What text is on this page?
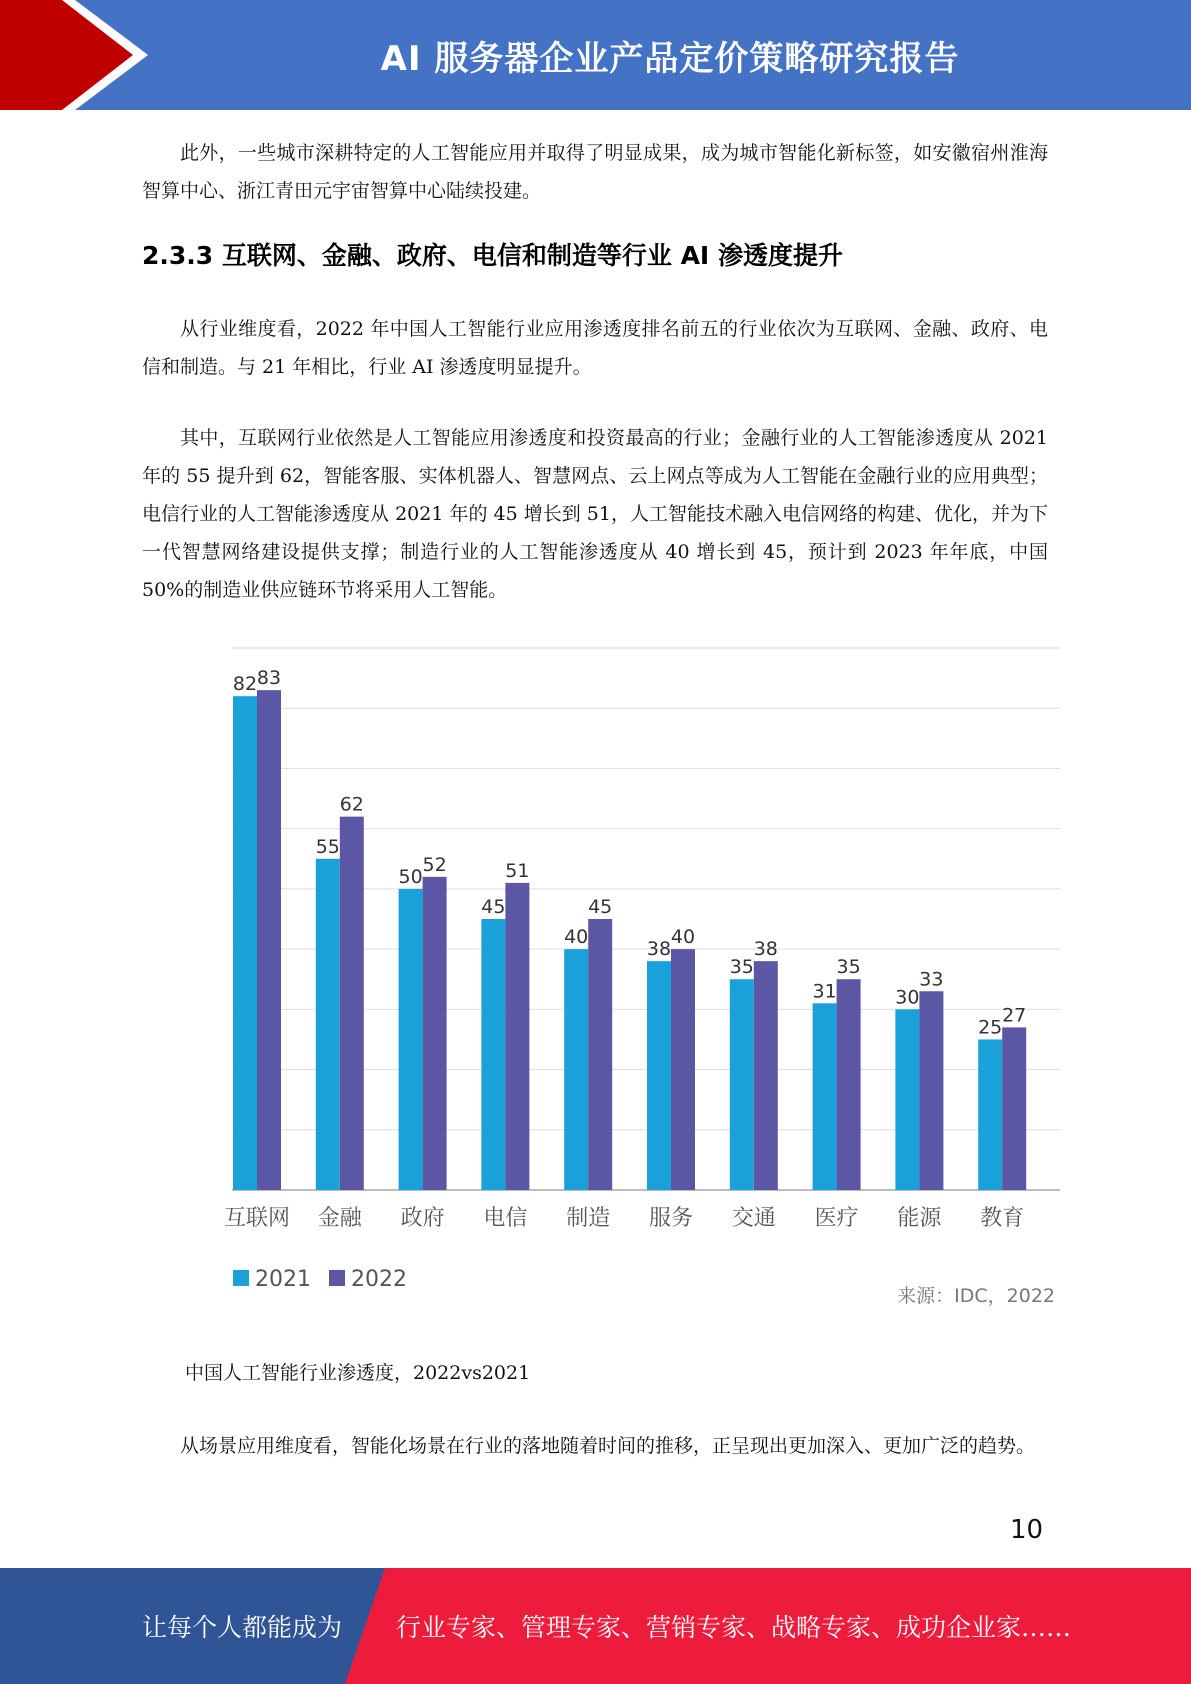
AI 服务器企业产品定价策略研究报告

此外，一些城市深耕特定的人工智能应用并取得了明显成果，成为城市智能化新标签，如安徽宿州淮海智算中心、浙江青田元宇宙智算中心陆续投建。

2.3.3 互联网、金融、政府、电信和制造等行业 AI 渗透度提升

从行业维度看，2022 年中国人工智能行业应用渗透度排名前五的行业依次为互联网、金融、政府、电信和制造。与 21 年相比，行业 AI 渗透度明显提升。

其中，互联网行业依然是人工智能应用渗透度和投资最高的行业；金融行业的人工智能渗透度从 2021 年的 55 提升到 62，智能客服、实体机器人、智慧网点、云上网点等成为人工智能在金融行业的应用典型；电信行业的人工智能渗透度从 2021 年的 45 增长到 51，人工智能技术融入电信网络的构建、优化，并为下一代智慧网络建设提供支撑；制造行业的人工智能渗透度从 40 增长到 45，预计到 2023 年年底，中国 50%的制造业供应链环节将采用人工智能。

82 83
互联网
55
62
金融
50
52
政府
45
51
电信
40
45
制造
38
40
服务
35
38
交通
31
35
医疗
30
33
能源
25
27
教育
2021 2022
来源：IDC，2022

中国人工智能行业渗透度，2022vs2021

从场景应用维度看，智能化场景在行业的落地随着时间的推移，正呈现出更加深入、更加广泛的趋势。

10
让每个人都能成为 行业专家、管理专家、营销专家、战略专家、成功企业家……
